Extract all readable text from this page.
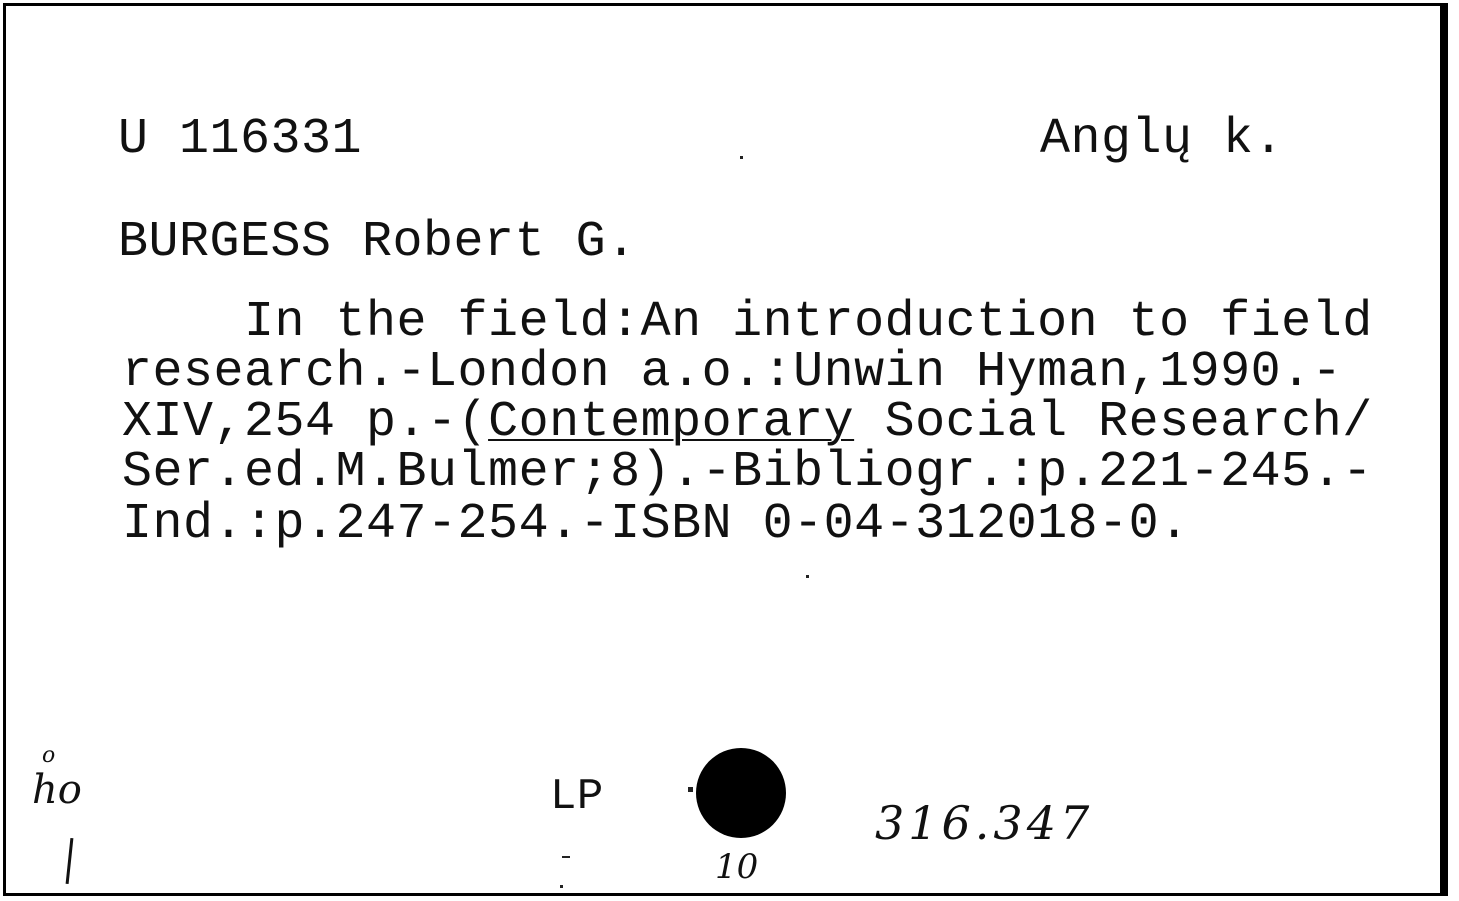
U 116331	Anglų k.
BURGESS Robert G.
In the field:An introduction to field
research.-London a.o.:Unwin Hyman,1990.-
XIV,254 p.-(Contemporary Social Research/
Ser.ed.M.Bulmer;8).-Bibliogr.:p.221-245.-
Ind.:p.247-254.-ISBN 0-04-312018-0.
LP	316.347
o
ho
10
